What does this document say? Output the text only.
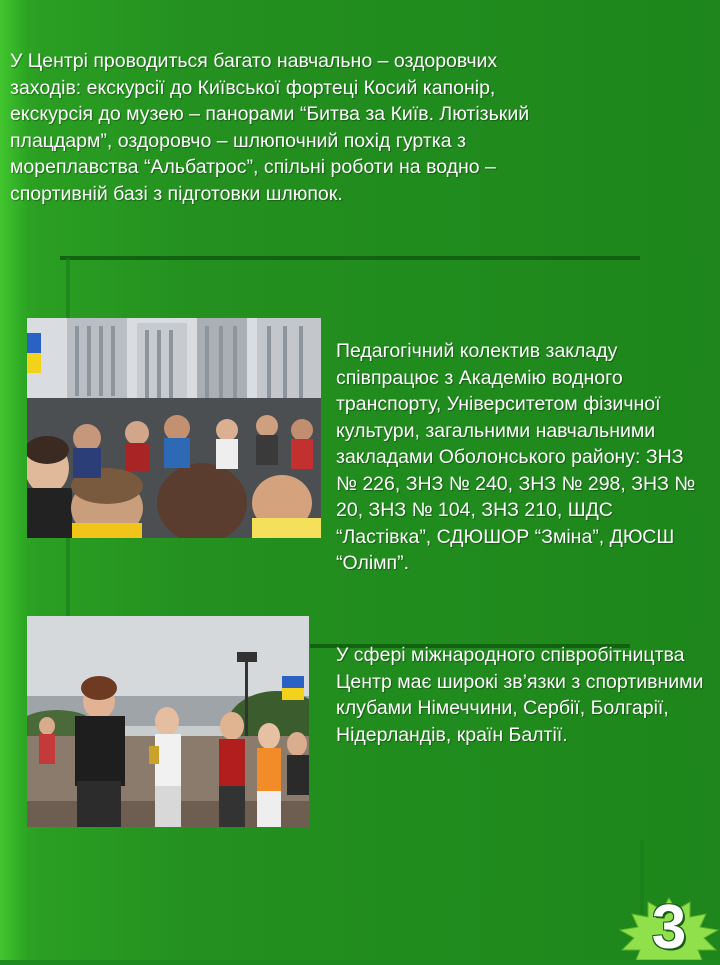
У Центрі проводиться багато навчально – оздоровчих заходів: екскурсії до Київської фортеці Косий капонір, екскурсія до музею – панорами “Битва за Київ. Лютізький плацдарм”, оздоровчо – шлюпочний похід гуртка з мореплавства “Альбатрос”, спільні роботи на водно – спортивній базі з підготовки шлюпок.
Педагогічний колектив закладу співпрацює з Академію водного транспорту, Університетом фізичної культури, загальними навчальними закладами Оболонського району: ЗНЗ № 226, ЗНЗ № 240, ЗНЗ № 298, ЗНЗ № 20, ЗНЗ № 104, ЗНЗ 210, ШДС “Ластівка”, СДЮШОР “Зміна”, ДЮСШ “Олімп”.
У сфері міжнародного співробітництва Центр має широкі зв’язки з спортивними клубами Німеччини, Сербії, Болгарії, Нідерландів, країн Балтії.
3
